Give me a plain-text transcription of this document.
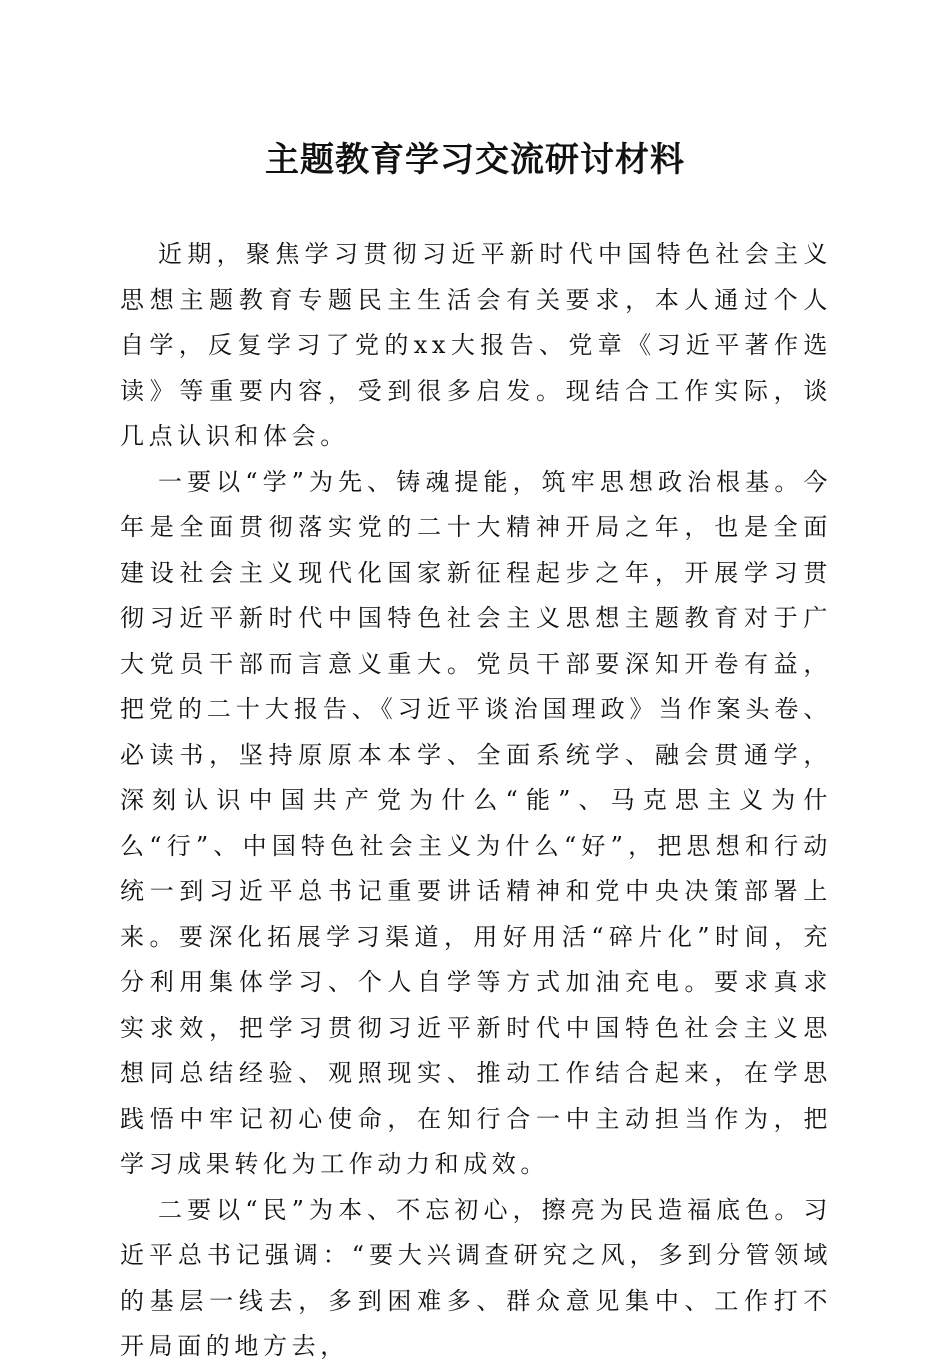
主题教育学习交流研讨材料

近期，聚焦学习贯彻习近平新时代中国特色社会主义思想主题教育专题民主生活会有关要求，本人通过个人自学，反复学习了党的xx大报告、党章《习近平著作选读》等重要内容，受到很多启发。现结合工作实际，谈几点认识和体会。

一要以“学”为先、铸魂提能，筑牢思想政治根基。今年是全面贯彻落实党的二十大精神开局之年，也是全面建设社会主义现代化国家新征程起步之年，开展学习贯彻习近平新时代中国特色社会主义思想主题教育对于广大党员干部而言意义重大。党员干部要深知开卷有益，把党的二十大报告、《习近平谈治国理政》当作案头卷、必读书，坚持原原本本学、全面系统学、融会贯通学，深刻认识中国共产党为什么“能”、马克思主义为什么“行”、中国特色社会主义为什么“好”，把思想和行动统一到习近平总书记重要讲话精神和党中央决策部署上来。要深化拓展学习渠道，用好用活“碎片化”时间，充分利用集体学习、个人自学等方式加油充电。要求真求实求效，把学习贯彻习近平新时代中国特色社会主义思想同总结经验、观照现实、推动工作结合起来，在学思践悟中牢记初心使命，在知行合一中主动担当作为，把学习成果转化为工作动力和成效。

二要以“民”为本、不忘初心，擦亮为民造福底色。习近平总书记强调：“要大兴调查研究之风，多到分管领域的基层一线去，多到困难多、群众意见集中、工作打不开局面的地方去，
